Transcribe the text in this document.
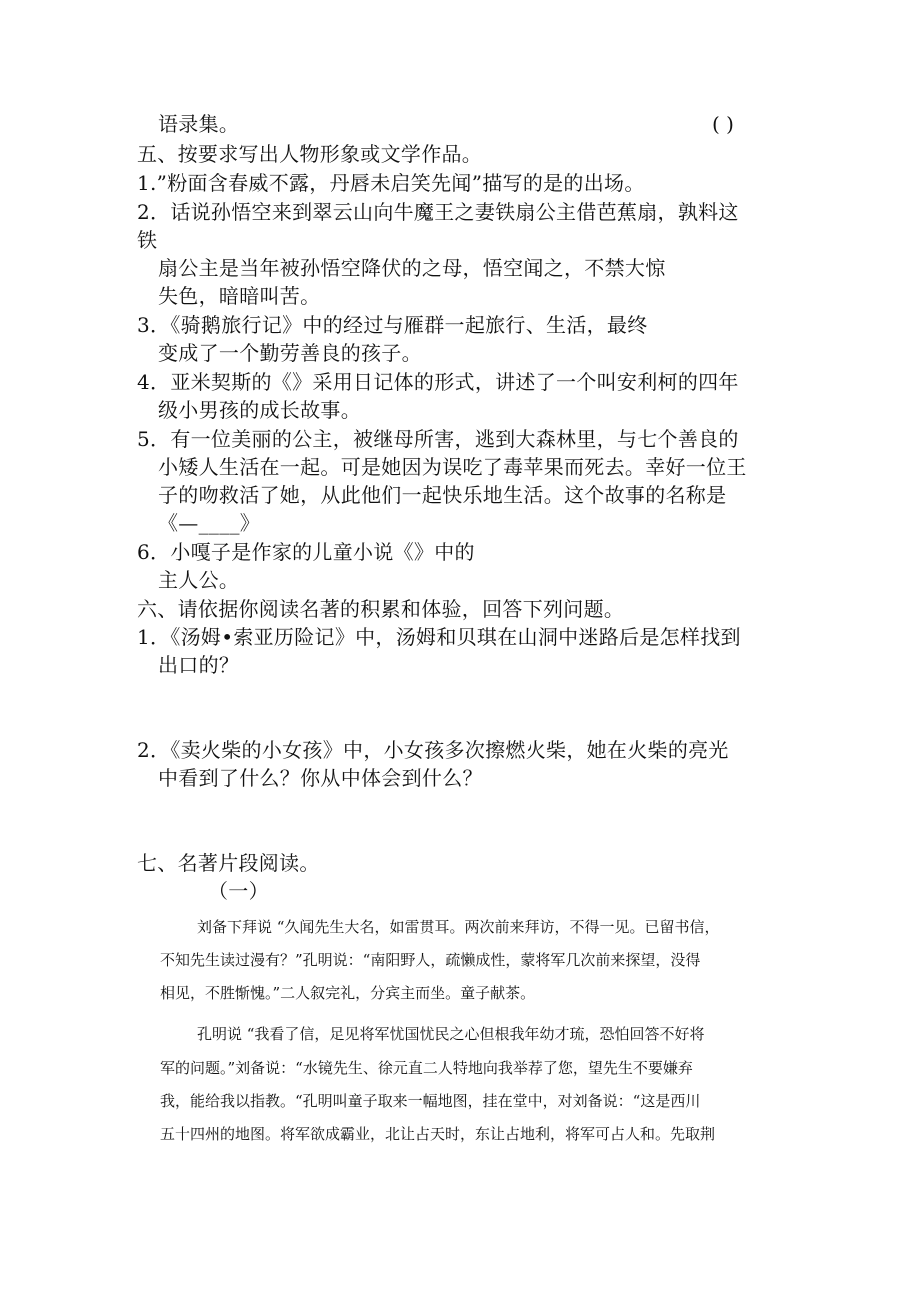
语录集。	( )
五、按要求写出人物形象或文学作品。
1.”粉面含春威不露，丹唇未启笑先闻”描写的是的出场。
2．话说孙悟空来到翠云山向牛魔王之妻铁扇公主借芭蕉扇，孰料这
铁
扇公主是当年被孙悟空降伏的之母，悟空闻之，不禁大惊
失色，暗暗叫苦。
3．《骑鹅旅行记》中的经过与雁群一起旅行、生活，最终
变成了一个勤劳善良的孩子。
4．亚米契斯的《》采用日记体的形式，讲述了一个叫安利柯的四年
级小男孩的成长故事。
5．有一位美丽的公主，被继母所害，逃到大森林里，与七个善良的
小矮人生活在一起。可是她因为误吃了毒苹果而死去。幸好一位王
子的吻救活了她，从此他们一起快乐地生活。这个故事的名称是
《—____》
6．小嘎子是作家的儿童小说《》中的
主人公。
六、请依据你阅读名著的积累和体验，回答下列问题。
1．《汤姆•索亚历险记》中，汤姆和贝琪在山洞中迷路后是怎样找到
出口的？
2．《卖火柴的小女孩》中，小女孩多次擦燃火柴，她在火柴的亮光
中看到了什么？你从中体会到什么？
七、名著片段阅读。
（一）
刘备下拜说 “久闻先生大名，如雷贯耳。两次前来拜访，不得一见。已留书信，
不知先生读过漫有？”孔明说：“南阳野人，疏懒成性，蒙将军几次前来探望，没得
相见，不胜惭愧。”二人叙完礼，分宾主而坐。童子献茶。
孔明说 “我看了信，足见将军忧国忧民之心但根我年幼才琉，恐怕回答不好将
军的问题。”刘备说：“水镜先生、徐元直二人特地向我举荐了您，望先生不要嫌弃
我，能给我以指教。“孔明叫童子取来一幅地图，挂在堂中，对刘备说：“这是西川
五十四州的地图。将军欲成霸业，北让占天时，东让占地利，将军可占人和。先取荆
